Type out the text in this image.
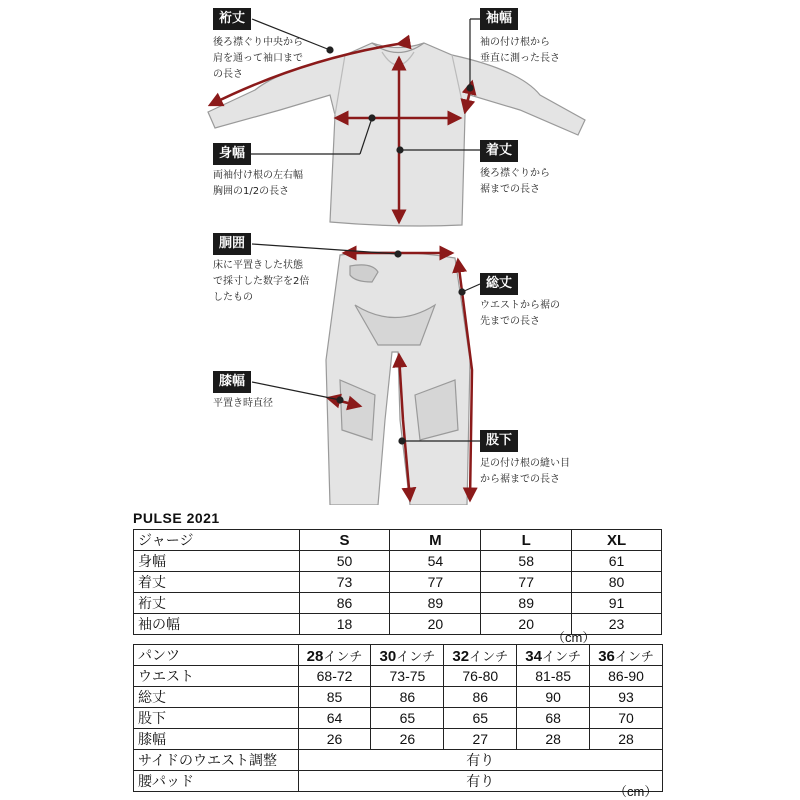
裄丈
後ろ襟ぐり中央から
肩を通って袖口まで
の長さ
袖幅
袖の付け根から
垂直に測った長さ
身幅
両袖付け根の左右幅
胸囲の1/2の長さ
着丈
後ろ襟ぐりから
裾までの長さ
胴囲
床に平置きした状態
で採寸した数字を2倍
したもの
総丈
ウエストから裾の
先までの長さ
膝幅
平置き時直径
股下
足の付け根の縫い目
から裾までの長さ
PULSE 2021
ジャージ	S	M	L	XL
身幅	50	54	58	61
着丈	73	77	77	80
裄丈	86	89	89	91
袖の幅	18	20	20	23
（cm）
パンツ	28インチ	30インチ	32インチ	34インチ	36インチ
ウエスト	68-72	73-75	76-80	81-85	86-90
総丈	85	86	86	90	93
股下	64	65	65	68	70
膝幅	26	26	27	28	28
サイドのウエスト調整	有り				
腰パッド	有り				
（cm）
